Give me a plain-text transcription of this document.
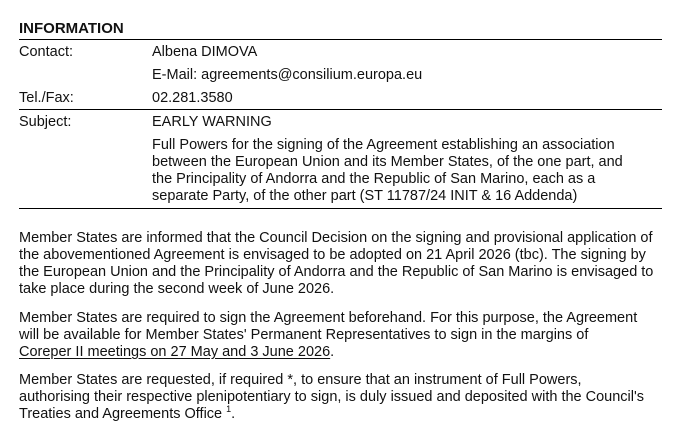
INFORMATION
Contact:	Albena DIMOVA
E-Mail: agreements@consilium.europa.eu
Tel./Fax:	02.281.3580
Subject:	EARLY WARNING
Full Powers for the signing of the Agreement establishing an association
between the European Union and its Member States, of the one part, and
the Principality of Andorra and the Republic of San Marino, each as a
separate Party, of the other part (ST 11787/24 INIT & 16 Addenda)
Member States are informed that the Council Decision on the signing and provisional application of
the abovementioned Agreement is envisaged to be adopted on 21 April 2026 (tbc). The signing by
the European Union and the Principality of Andorra and the Republic of San Marino is envisaged to
take place during the second week of June 2026.
Member States are required to sign the Agreement beforehand. For this purpose, the Agreement
will be available for Member States' Permanent Representatives to sign in the margins of
Coreper II meetings on 27 May and 3 June 2026.
Member States are requested, if required *, to ensure that an instrument of Full Powers,
authorising their respective plenipotentiary to sign, is duly issued and deposited with the Council's
Treaties and Agreements Office $^1$.
